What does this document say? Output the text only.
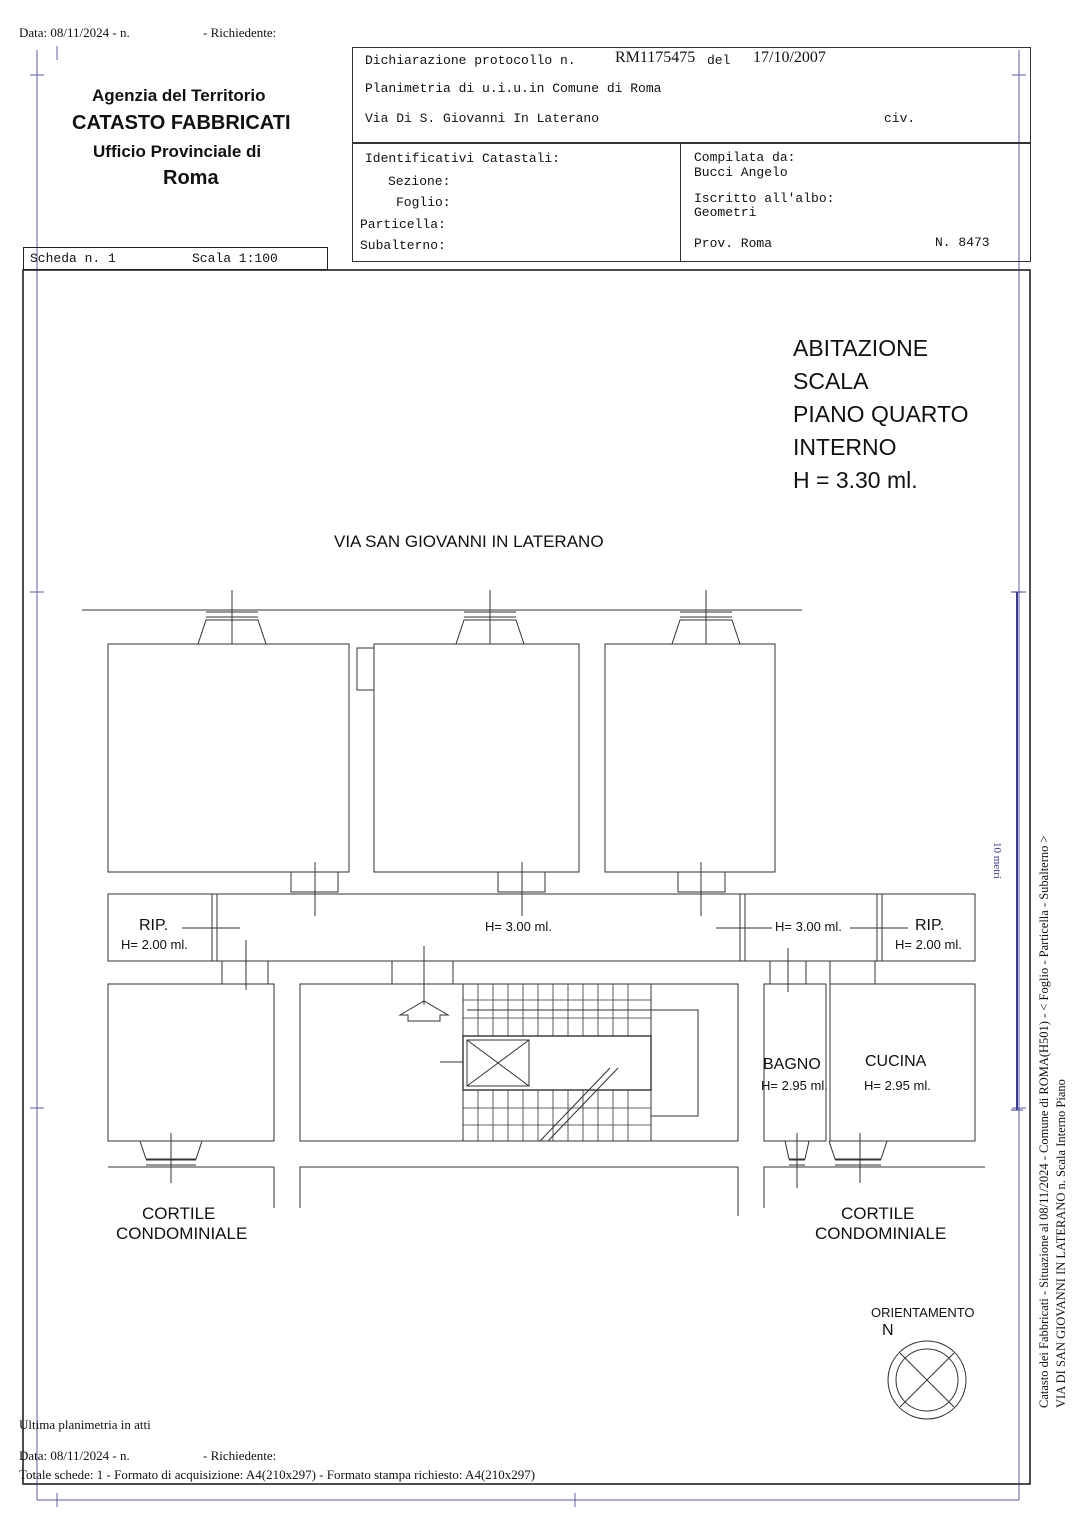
Data: 08/11/2024 - n.	- Richiedente:
Agenzia del Territorio
CATASTO FABBRICATI
Ufficio Provinciale di
Roma
Scheda n. 1	Scala 1:100
Dichiarazione protocollo n. RM1175475 del 17/10/2007
Planimetria di u.i.u.in Comune di Roma
Via Di S. Giovanni In Laterano	civ.
Identificativi Catastali:
Sezione:
Foglio:
Particella:
Subalterno:
Compilata da:
Bucci Angelo
Iscritto all'albo:
Geometri
Prov. Roma	N. 8473
ABITAZIONE
SCALA
PIANO QUARTO
INTERNO
H = 3.30 ml.
VIA SAN GIOVANNI IN LATERANO
RIP.
H= 2.00 ml.
H= 3.00 ml.	H= 3.00 ml.	RIP.
H= 2.00 ml.
BAGNO
H= 2.95 ml.
CUCINA
H= 2.95 ml.
CORTILE
CONDOMINIALE
CORTILE
CONDOMINIALE
ORIENTAMENTO
N
10 metri	Catasto dei Fabbricati - Situazione al 08/11/2024 - Comune di ROMA(H501) - < Foglio - Particella - Subalterno > VIA DI SAN GIOVANNI IN LATERANO n. Scala Interno Piano
Ultima planimetria in atti
Data: 08/11/2024 - n.	- Richiedente:
Totale schede: 1 - Formato di acquisizione: A4(210x297) - Formato stampa richiesto: A4(210x297)
